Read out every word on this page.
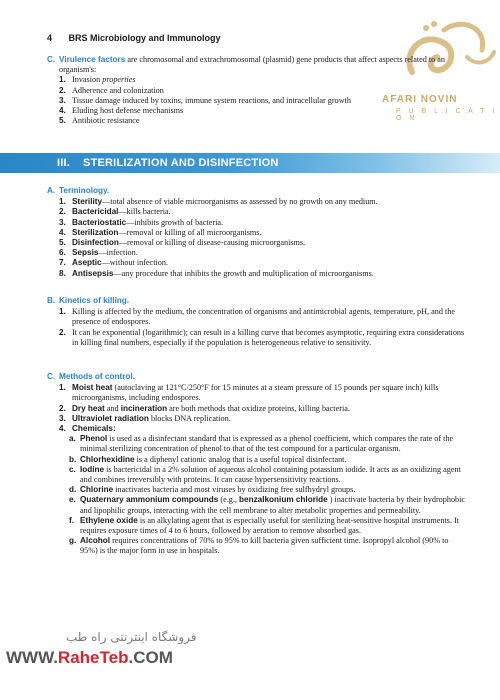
4 BRS Microbiology and Immunology
AFARI NOVIN
P U B L I C A T I O N
C. Virulence factors are chromosomal and extrachromosomal (plasmid) gene products that affect aspects related to an organism's:
1. Invasion properties
2. Adherence and colonization
3. Tissue damage induced by toxins, immune system reactions, and intracellular growth
4. Eluding host defense mechanisms
5. Antibiotic resistance
III.    STERILIZATION AND DISINFECTION
A. Terminology.
1. Sterility—total absence of viable microorganisms as assessed by no growth on any medium.
2. Bactericidal—kills bacteria.
3. Bacteriostatic—inhibits growth of bacteria.
4. Sterilization—removal or killing of all microorganisms.
5. Disinfection—removal or killing of disease-causing microorganisms.
6. Sepsis—infection.
7. Aseptic—without infection.
8. Antisepsis—any procedure that inhibits the growth and multiplication of microorganisms.
B. Kinetics of killing.
1. Killing is affected by the medium, the concentration of organisms and antimicrobial agents, temperature, pH, and the presence of endospores.
2. It can be exponential (logarithmic); can result in a killing curve that becomes asymptotic, requiring extra considerations in killing final numbers, especially if the population is heterogeneous relative to sensitivity.
C. Methods of control.
1. Moist heat (autoclaving at 121°C/250°F for 15 minutes at a steam pressure of 15 pounds per square inch) kills microorganisms, including endospores.
2. Dry heat and incineration are both methods that oxidize proteins, killing bacteria.
3. Ultraviolet radiation blocks DNA replication.
4. Chemicals:
a. Phenol is used as a disinfectant standard that is expressed as a phenol coefficient, which compares the rate of the minimal sterilizing concentration of phenol to that of the test compound for a particular organism.
b. Chlorhexidine is a diphenyl cationic analog that is a useful topical disinfectant.
c. Iodine is bactericidal in a 2% solution of aqueous alcohol containing potassium iodide. It acts as an oxidizing agent and combines irreversibly with proteins. It can cause hypersensitivity reactions.
d. Chlorine inactivates bacteria and most viruses by oxidizing free sulfhydryl groups.
e. Quaternary ammonium compounds (e.g., benzalkonium chloride ) inactivate bacteria by their hydrophobic and lipophilic groups, interacting with the cell membrane to alter metabolic properties and permeability.
f. Ethylene oxide is an alkylating agent that is especially useful for sterilizing heat-sensitive hospital instruments. It requires exposure times of 4 to 6 hours, followed by aeration to remove absorbed gas.
g. Alcohol requires concentrations of 70% to 95% to kill bacteria given sufficient time. Isopropyl alcohol (90% to 95%) is the major form in use in hospitals.
فروشگاه اینترنتی راه طب
WWW.RaheTeb.COM
